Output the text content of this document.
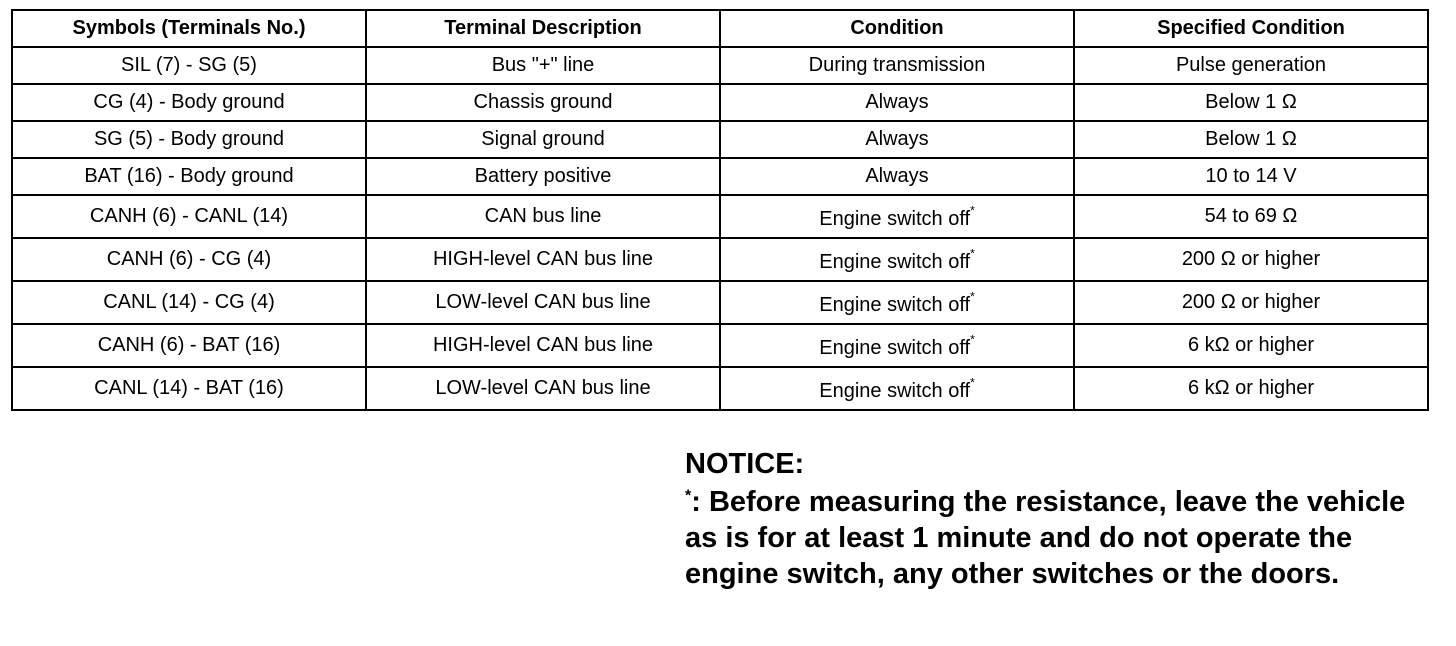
Symbols (Terminals No.)	Terminal Description	Condition	Specified Condition
SIL (7) - SG (5)	Bus "+" line	During transmission	Pulse generation
CG (4) - Body ground	Chassis ground	Always	Below 1 Ω
SG (5) - Body ground	Signal ground	Always	Below 1 Ω
BAT (16) - Body ground	Battery positive	Always	10 to 14 V
CANH (6) - CANL (14)	CAN bus line	Engine switch off*	54 to 69 Ω
CANH (6) - CG (4)	HIGH-level CAN bus line	Engine switch off*	200 Ω or higher
CANL (14) - CG (4)	LOW-level CAN bus line	Engine switch off*	200 Ω or higher
CANH (6) - BAT (16)	HIGH-level CAN bus line	Engine switch off*	6 kΩ or higher
CANL (14) - BAT (16)	LOW-level CAN bus line	Engine switch off*	6 kΩ or higher

NOTICE:

*: Before measuring the resistance, leave the vehicle as is for at least 1 minute and do not operate the engine switch, any other switches or the doors.
